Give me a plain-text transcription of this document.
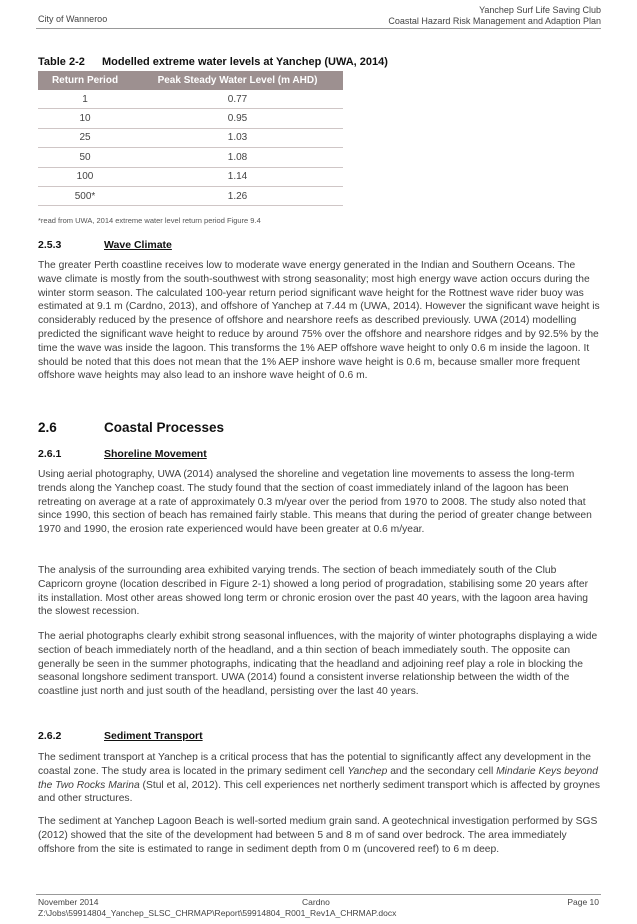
City of Wanneroo
Yanchep Surf Life Saving Club
Coastal Hazard Risk Management and Adaption Plan
Table 2-2 Modelled extreme water levels at Yanchep (UWA, 2014)
Return Period	Peak Steady Water Level (m AHD)
1	0.77
10	0.95
25	1.03
50	1.08
100	1.14
500*	1.26
*read from UWA, 2014 extreme water level return period Figure 9.4
2.5.3	Wave Climate

The greater Perth coastline receives low to moderate wave energy generated in the Indian and Southern Oceans. The wave climate is mostly from the south-southwest with strong seasonality; most high energy wave action occurs during the winter storm season. The calculated 100-year return period significant wave height for the Rottnest wave rider buoy was estimated at 9.1 m (Cardno, 2013), and offshore of Yanchep at 7.44 m (UWA, 2014). However the significant wave height is considerably reduced by the presence of offshore and nearshore reefs as described previously. UWA (2014) modelling predicted the significant wave height to reduce by around 75% over the offshore and nearshore ridges and by 92.5% by the time the wave was inside the lagoon. This transforms the 1% AEP offshore wave height to only 0.6 m inside the lagoon. It should be noted that this does not mean that the 1% AEP inshore wave height is 0.6 m, because smaller more frequent offshore wave heights may also lead to an inshore wave height of 0.6 m.

2.6	Coastal Processes
2.6.1	Shoreline Movement

Using aerial photography, UWA (2014) analysed the shoreline and vegetation line movements to assess the long-term trends along the Yanchep coast. The study found that the section of coast immediately inland of the lagoon has been retreating on average at a rate of approximately 0.3 m/year over the period from 1970 to 2008. The study also noted that since 1990, this section of beach has remained fairly stable. This means that during the period of greater change between 1970 and 1990, the erosion rate experienced would have been greater at 0.6 m/year.

The analysis of the surrounding area exhibited varying trends. The section of beach immediately south of the Club Capricorn groyne (location described in Figure 2-1) showed a long period of progradation, stabilising some 20 years after its installation. Most other areas showed long term or chronic erosion over the past 40 years, with the lagoon area having the slowest recession.

The aerial photographs clearly exhibit strong seasonal influences, with the majority of winter photographs displaying a wide section of beach immediately north of the headland, and a thin section of beach immediately south. The opposite can generally be seen in the summer photographs, indicating that the headland and adjoining reef play a role in blocking the seasonal longshore sediment transport. UWA (2014) found a consistent inverse relationship between the width of the coastline just north and just south of the headland, persisting over the last 40 years.

2.6.2	Sediment Transport

The sediment transport at Yanchep is a critical process that has the potential to significantly affect any development in the coastal zone. The study area is located in the primary sediment cell Yanchep and the secondary cell Mindarie Keys beyond the Two Rocks Marina (Stul et al, 2012). This cell experiences net northerly sediment transport which is affected by groynes and other structures.

The sediment at Yanchep Lagoon Beach is well-sorted medium grain sand. A geotechnical investigation performed by SGS (2012) showed that the site of the development had between 5 and 8 m of sand over bedrock. The area immediately offshore from the site is estimated to range in sediment depth from 0 m (uncovered reef) to 6 m deep.

November 2014	Cardno	Page 10
Z:\Jobs\59914804_Yanchep_SLSC_CHRMAP\Report\59914804_R001_Rev1A_CHRMAP.docx
